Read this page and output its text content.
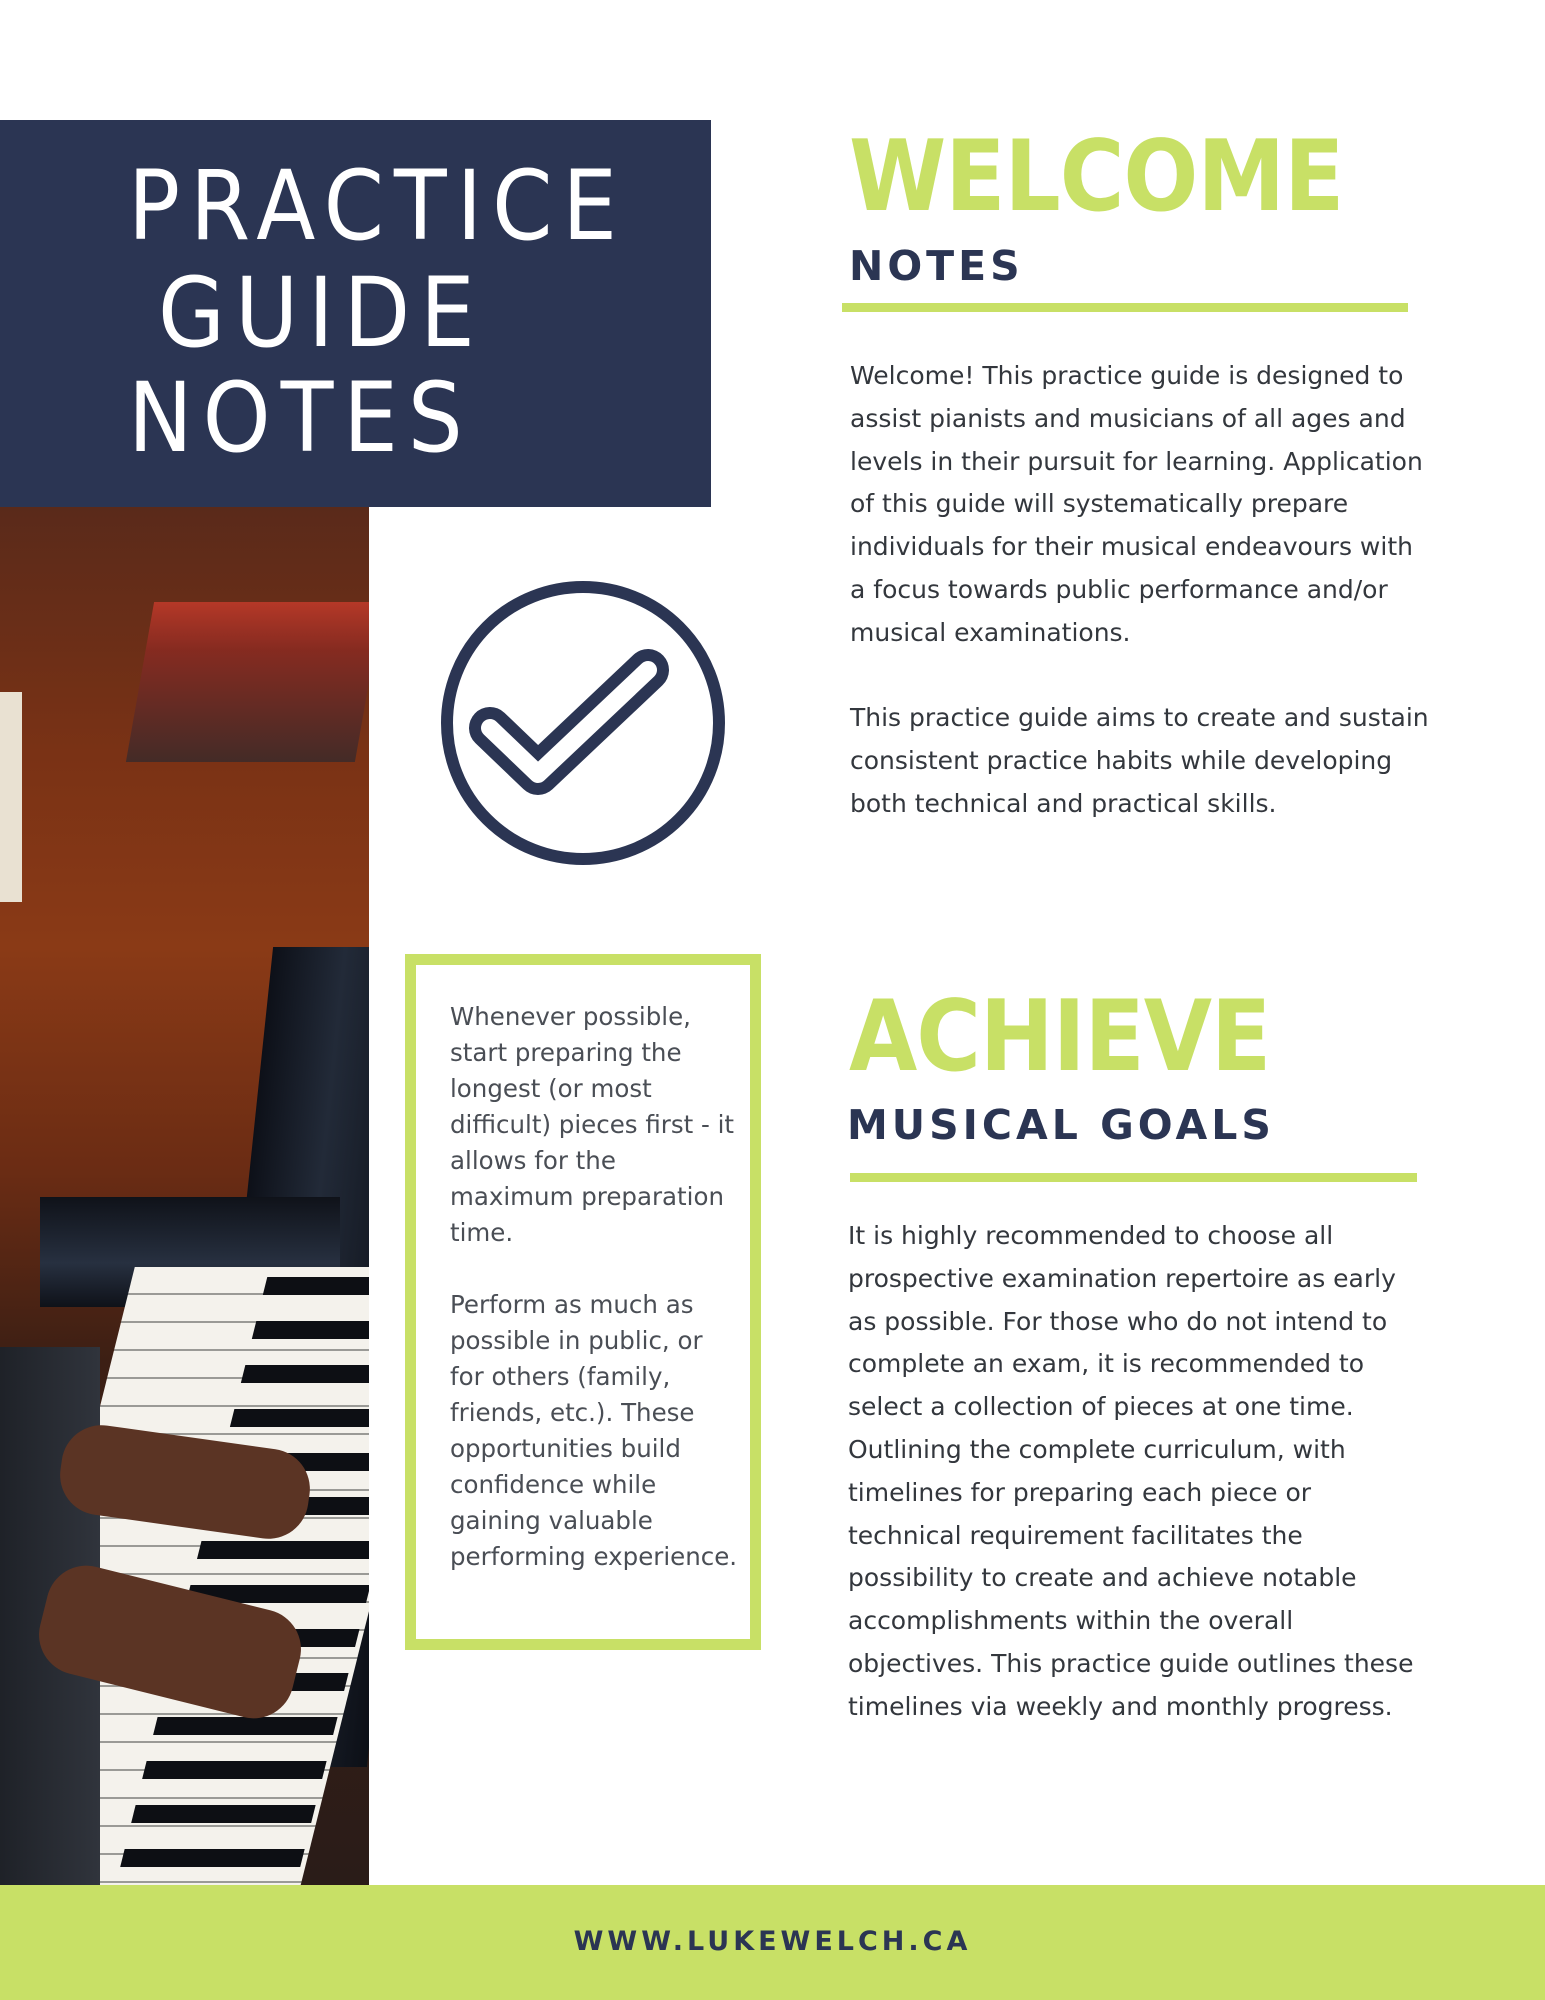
PRACTICE
GUIDE
NOTES

Whenever possible, start preparing the longest (or most difficult) pieces first - it allows for the maximum preparation time.

Perform as much as possible in public, or for others (family, friends, etc.). These opportunities build confidence while gaining valuable performing experience.

WELCOME
NOTES

Welcome! This practice guide is designed to assist pianists and musicians of all ages and levels in their pursuit for learning. Application of this guide will systematically prepare individuals for their musical endeavours with a focus towards public performance and/or musical examinations.

This practice guide aims to create and sustain consistent practice habits while developing both technical and practical skills.

ACHIEVE
MUSICAL GOALS

It is highly recommended to choose all prospective examination repertoire as early as possible. For those who do not intend to complete an exam, it is recommended to select a collection of pieces at one time. Outlining the complete curriculum, with timelines for preparing each piece or technical requirement facilitates the possibility to create and achieve notable accomplishments within the overall objectives. This practice guide outlines these timelines via weekly and monthly progress.

WWW.LUKEWELCH.CA
